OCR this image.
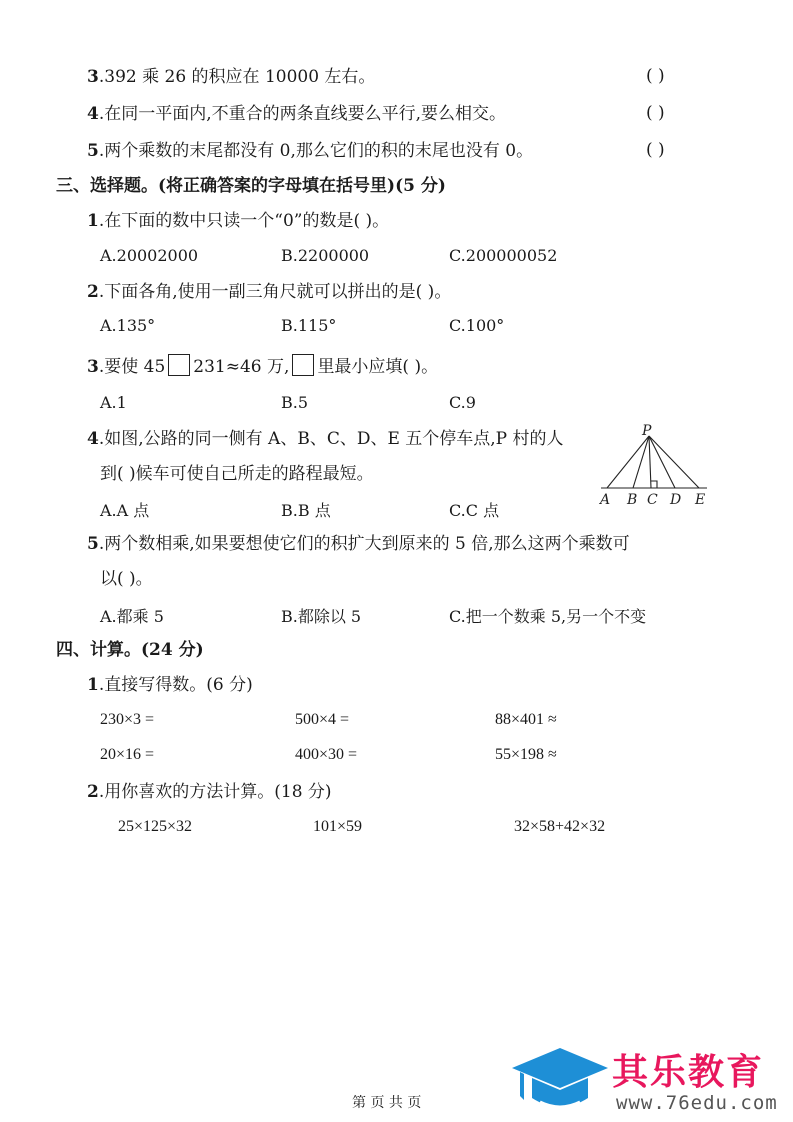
3.392 乘 26 的积应在 10000 左右。	( )
4.在同一平面内,不重合的两条直线要么平行,要么相交。	( )
5.两个乘数的末尾都没有 0,那么它们的积的末尾也没有 0。	( )
三、选择题。(将正确答案的字母填在括号里)(5 分)
1.在下面的数中只读一个“0”的数是( )。
A.20002000	B.2200000	C.200000052
2.下面各角,使用一副三角尺就可以拼出的是( )。
A.135°	B.115°	C.100°
3.要使 45 231≈46 万, 里最小应填( )。
A.1	B.5	C.9
4.如图,公路的同一侧有 A、B、C、D、E 五个停车点,P 村的人
到( )候车可使自己所走的路程最短。
A.A 点	B.B 点	C.C 点
P
A B C D E
5.两个数相乘,如果要想使它们的积扩大到原来的 5 倍,那么这两个乘数可
以( )。
A.都乘 5	B.都除以 5	C.把一个数乘 5,另一个不变
四、计算。(24 分)
1.直接写得数。(6 分)
230×3 =	500×4 =	88×401 ≈
20×16 =	400×30 =	55×198 ≈
2.用你喜欢的方法计算。(18 分)
25×125×32	101×59	32×58+42×32
第 页 共 页
其乐教育
www.76edu.com
